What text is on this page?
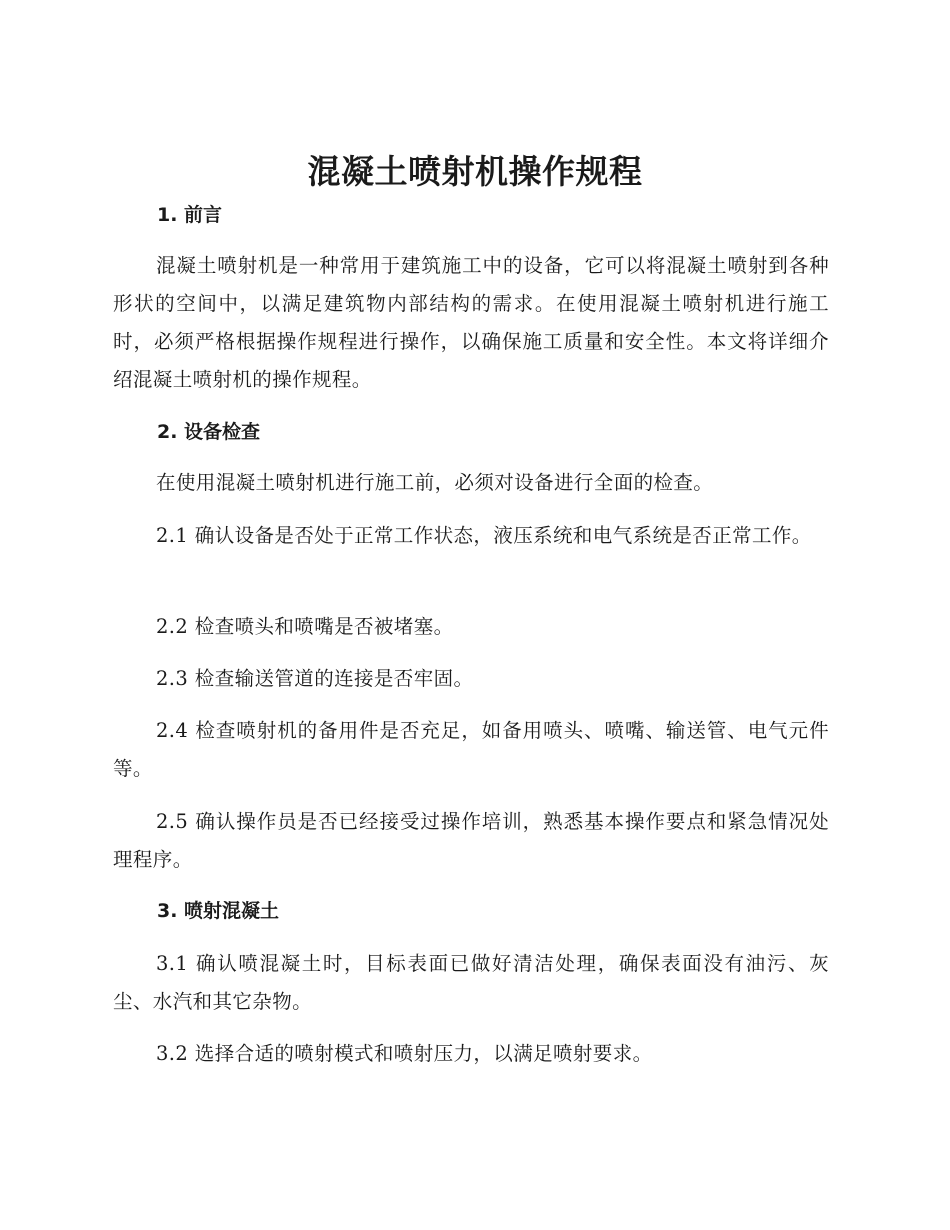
混凝土喷射机操作规程
1. 前言
混凝土喷射机是一种常用于建筑施工中的设备，它可以将混凝土喷射到各种形状的空间中，以满足建筑物内部结构的需求。在使用混凝土喷射机进行施工时，必须严格根据操作规程进行操作，以确保施工质量和安全性。本文将详细介绍混凝土喷射机的操作规程。
2. 设备检查
在使用混凝土喷射机进行施工前，必须对设备进行全面的检查。
2.1 确认设备是否处于正常工作状态，液压系统和电气系统是否正常工作。
2.2 检查喷头和喷嘴是否被堵塞。
2.3 检查输送管道的连接是否牢固。
2.4 检查喷射机的备用件是否充足，如备用喷头、喷嘴、输送管、电气元件等。
2.5 确认操作员是否已经接受过操作培训，熟悉基本操作要点和紧急情况处理程序。
3. 喷射混凝土
3.1 确认喷混凝土时，目标表面已做好清洁处理，确保表面没有油污、灰尘、水汽和其它杂物。
3.2 选择合适的喷射模式和喷射压力，以满足喷射要求。
